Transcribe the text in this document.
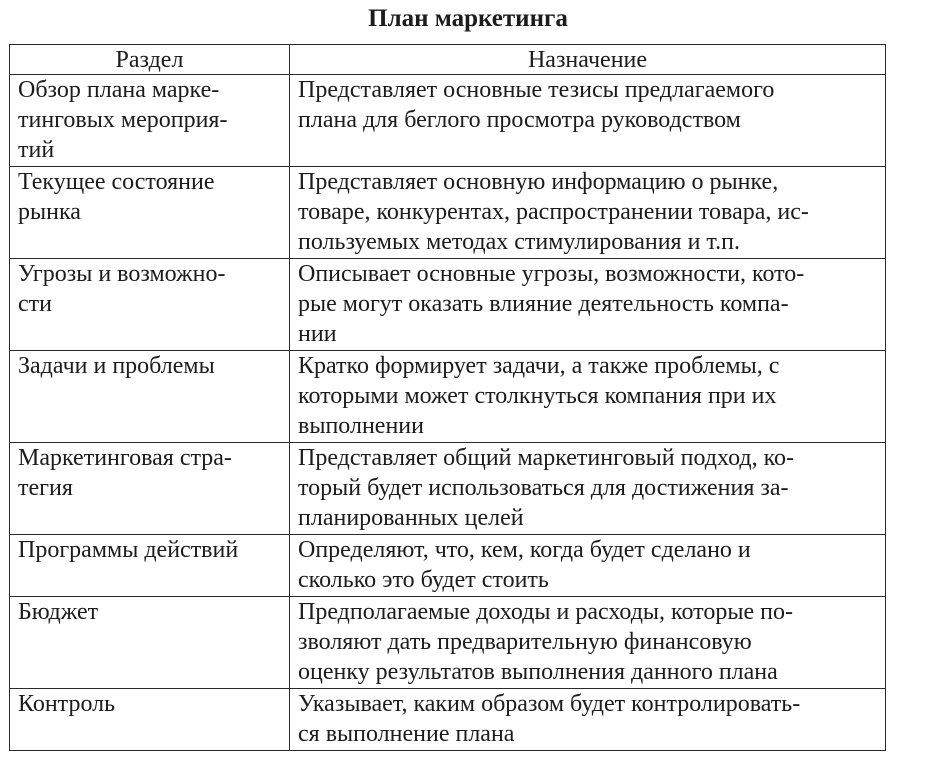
План маркетинга
Раздел	Назначение

Обзор плана марке-
тинговых мероприя-
тий	Представляет основные тезисы предлагаемого
плана для беглого просмотра руководством

Текущее состояние
рынка	Представляет основную информацию о рынке,
товаре, конкурентах, распространении товара, ис-
пользуемых методах стимулирования и т.п.

Угрозы и возможно-
сти	Описывает основные угрозы, возможности, кото-
рые могут оказать влияние деятельность компа-
нии

Задачи и проблемы	Кратко формирует задачи, а также проблемы, с
которыми может столкнуться компания при их
выполнении

Маркетинговая стра-
тегия	Представляет общий маркетинговый подход, ко-
торый будет использоваться для достижения за-
планированных целей

Программы действий	Определяют, что, кем, когда будет сделано и
сколько это будет стоить

Бюджет	Предполагаемые доходы и расходы, которые по-
зволяют дать предварительную финансовую
оценку результатов выполнения данного плана

Контроль	Указывает, каким образом будет контролировать-
ся выполнение плана
